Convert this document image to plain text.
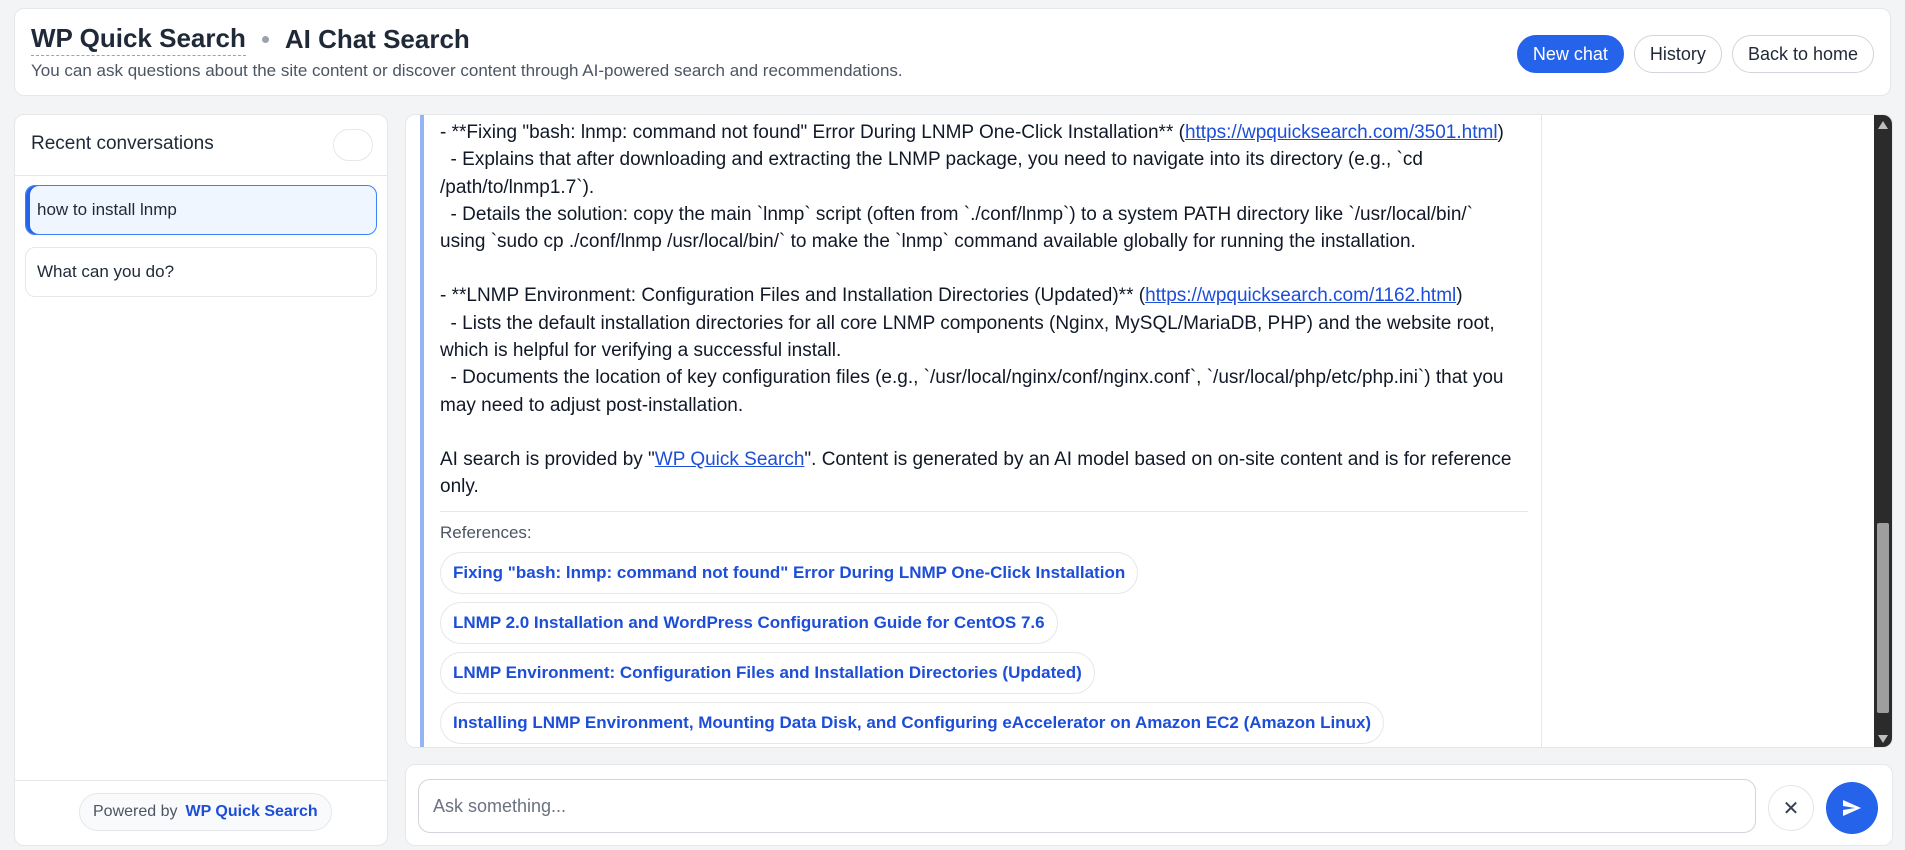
WP Quick Search AI Chat Search
You can ask questions about the site content or discover content through AI-powered search and recommendations.
New chat	History	Back to home
Recent conversations
how to install lnmp
What can you do?
Powered by WP Quick Search

- **Fixing "bash: lnmp: command not found" Error During LNMP One-Click Installation** (https://wpquicksearch.com/3501.html)

- Explains that after downloading and extracting the LNMP package, you need to navigate into its directory (e.g., `cd

/path/to/lnmp1.7`).

- Details the solution: copy the main `lnmp` script (often from `./conf/lnmp`) to a system PATH directory like `/usr/local/bin/`

using `sudo cp ./conf/lnmp /usr/local/bin/` to make the `lnmp` command available globally for running the installation.

- **LNMP Environment: Configuration Files and Installation Directories (Updated)** (https://wpquicksearch.com/1162.html)

- Lists the default installation directories for all core LNMP components (Nginx, MySQL/MariaDB, PHP) and the website root,

which is helpful for verifying a successful install.

- Documents the location of key configuration files (e.g., `/usr/local/nginx/conf/nginx.conf`, `/usr/local/php/etc/php.ini`) that you

may need to adjust post-installation.

AI search is provided by "WP Quick Search". Content is generated by an AI model based on on-site content and is for reference

only.

References:
Fixing "bash: lnmp: command not found" Error During LNMP One-Click Installation
LNMP 2.0 Installation and WordPress Configuration Guide for CentOS 7.6
LNMP Environment: Configuration Files and Installation Directories (Updated)
Installing LNMP Environment, Mounting Data Disk, and Configuring eAccelerator on Amazon EC2 (Amazon Linux)
Ask something...
✕
